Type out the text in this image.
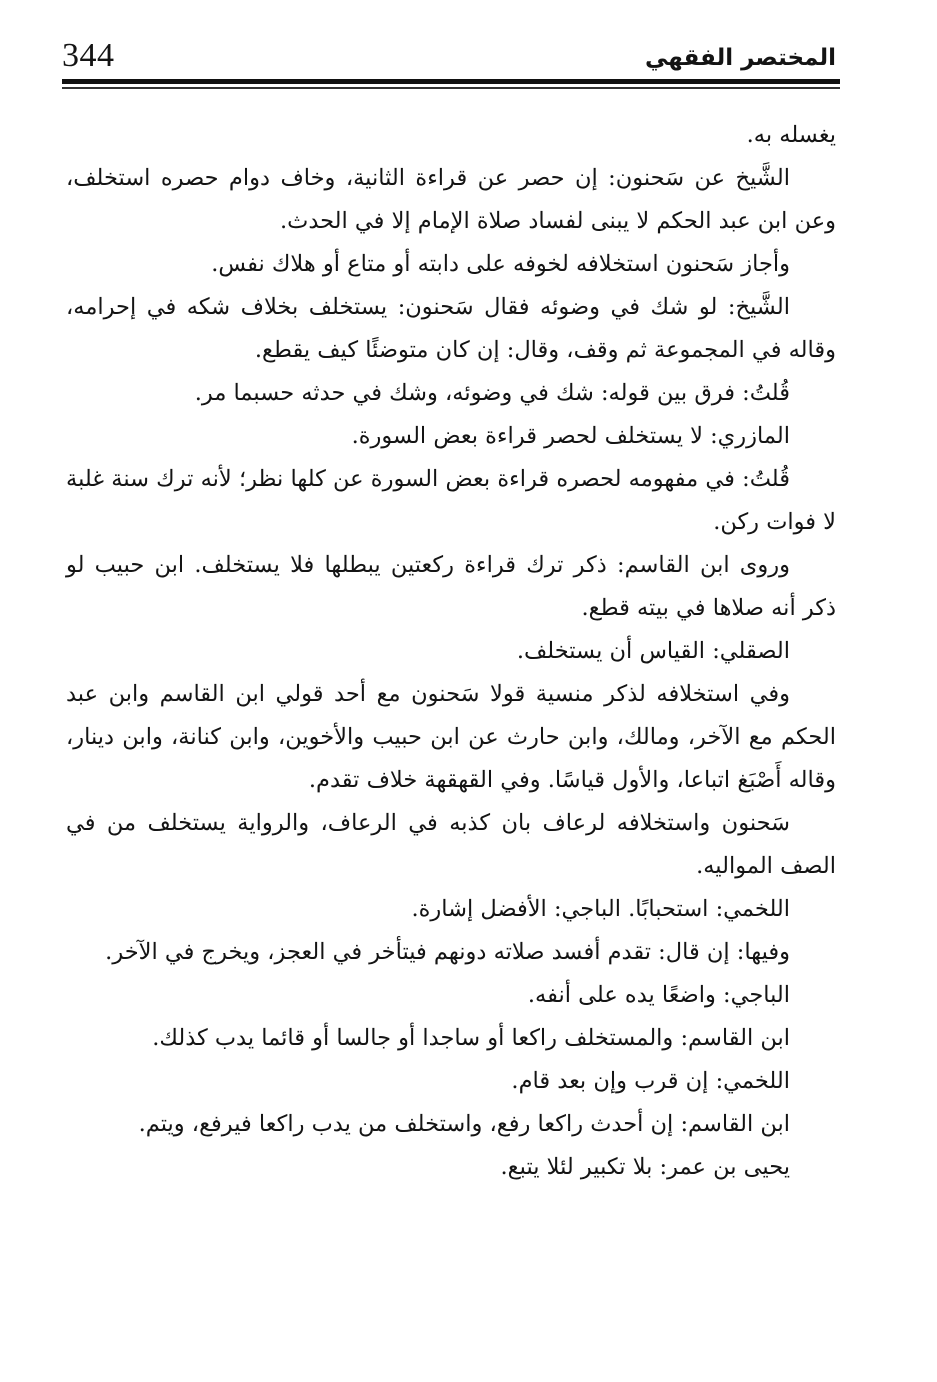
344	المختصر الفقهي

يغسله به.

الشَّيخ عن سَحنون: إن حصر عن قراءة الثانية، وخاف دوام حصره استخلف، وعن ابن عبد الحكم لا يبنى لفساد صلاة الإمام إلا في الحدث.

وأجاز سَحنون استخلافه لخوفه على دابته أو متاع أو هلاك نفس.

الشَّيخ: لو شك في وضوئه فقال سَحنون: يستخلف بخلاف شكه في إحرامه، وقاله في المجموعة ثم وقف، وقال: إن كان متوضئًا كيف يقطع.

قُلتُ: فرق بين قوله: شك في وضوئه، وشك في حدثه حسبما مر.

المازري: لا يستخلف لحصر قراءة بعض السورة.

قُلتُ: في مفهومه لحصره قراءة بعض السورة عن كلها نظر؛ لأنه ترك سنة غلبة لا فوات ركن.

وروى ابن القاسم: ذكر ترك قراءة ركعتين يبطلها فلا يستخلف. ابن حبيب لو ذكر أنه صلاها في بيته قطع.

الصقلي: القياس أن يستخلف.

وفي استخلافه لذكر منسية قولا سَحنون مع أحد قولي ابن القاسم وابن عبد الحكم مع الآخر، ومالك، وابن حارث عن ابن حبيب والأخوين، وابن كنانة، وابن دينار، وقاله أَصْبَغ اتباعا، والأول قياسًا. وفي القهقهة خلاف تقدم.

سَحنون واستخلافه لرعاف بان كذبه في الرعاف، والرواية يستخلف من في الصف المواليه.

اللخمي: استحبابًا. الباجي: الأفضل إشارة.

وفيها: إن قال: تقدم أفسد صلاته دونهم فيتأخر في العجز، ويخرج في الآخر.

الباجي: واضعًا يده على أنفه.

ابن القاسم: والمستخلف راكعا أو ساجدا أو جالسا أو قائما يدب كذلك.

اللخمي: إن قرب وإن بعد قام.

ابن القاسم: إن أحدث راكعا رفع، واستخلف من يدب راكعا فيرفع، ويتم.

يحيى بن عمر: بلا تكبير لئلا يتبع.
